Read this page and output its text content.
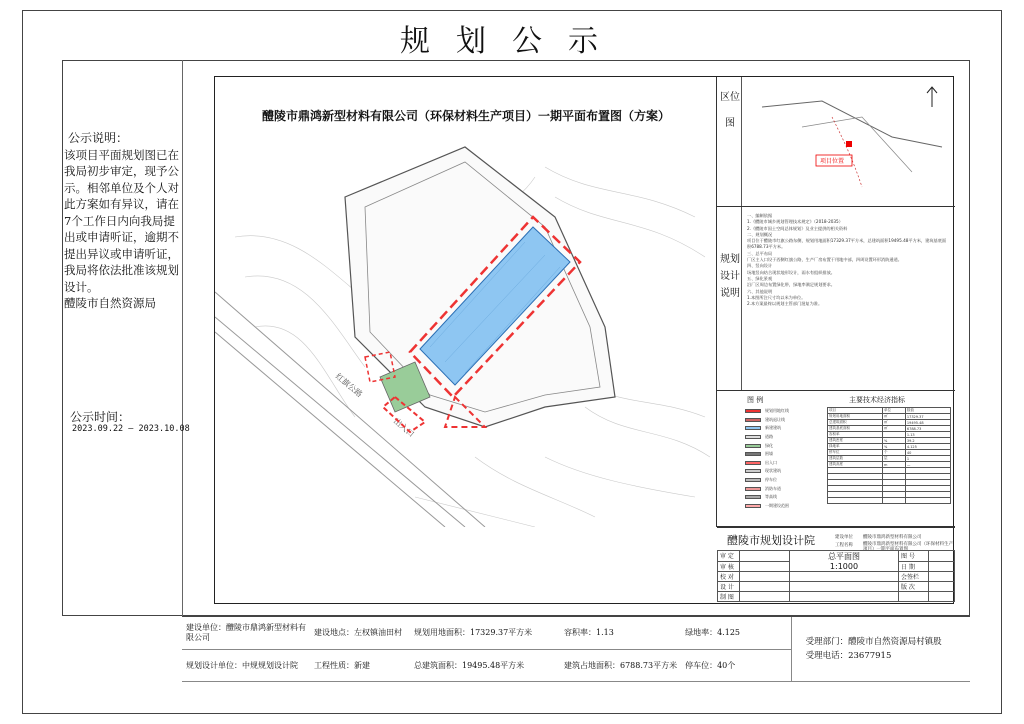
规划公示
公示说明：
该项目平面规划图已在我局初步审定，现予公示。相邻单位及个人对此方案如有异议，请在7个工作日内向我局提出或申请听证，逾期不提出异议或申请听证，我局将依法批准该规划设计。
醴陵市自然资源局
公示时间：
2023.09.22 — 2023.10.08
醴陵市鼎鸿新型材料有限公司（环保材料生产项目）一期平面布置图（方案）
红旗公路
出入口
区位图
项目位置
规划设计说明
一、编制依据
1.《醴陵市城乡规划管理技术规定》（2018-2035）
2.《醴陵市国土空间总体规划》及业主提供的相关资料
二、规划概况
项目位于醴陵市红旗公路东侧，规划用地面积17329.37平方米，总建筑面积19495.48平方米，建筑基底面积6788.73平方米。
三、总平布局
厂区主入口设于西侧红旗公路，生产厂房布置于用地中部，四周设置环形消防通道。
四、竖向设计
场地竖向结合现状地形设计，雨水有组织排放。
五、绿化景观
沿厂区周边布置绿化带，绿地率满足规划要求。
六、其他说明
1.本图所注尺寸均以米为单位。
2.本方案最终以规划主管部门批复为准。
图 例	主要技术经济指标
规划用地红线
建筑退让线
新建建筑
道路
绿化
围墙
出入口
现状建筑
停车位
消防车道
等高线
一期建设范围
项目	单位	数值
规划用地面积	㎡	17329.37
总建筑面积	㎡	19495.48
建筑基底面积	㎡	6788.73
容积率		1.13
建筑密度	%	39.2
绿地率	%	4.125
停车位	个	40
建筑层数	层	1
建筑高度	m	—

醴陵市规划设计院	建设单位 醴陵市鼎鸿新型材料有限公司
工程名称 醴陵市鼎鸿新型材料有限公司（环保材料生产项目）一期平面布置图
审 定		总平面图
1:1000	图 号	
审 核			日 期	
校 对			会签栏	
设 计			版 次	
制 图				
建设单位：醴陵市鼎鸿新型材料有限公司	建设地点：左权镇油田村	规划用地面积：17329.37平方米	容积率：1.13	绿地率：4.125	受理部门：醴陵市自然资源局村镇股
受理电话：23677915

规划设计单位：中规规划设计院	工程性质：新建	总建筑面积：19495.48平方米	建筑占地面积：6788.73平方米	停车位：40个	
